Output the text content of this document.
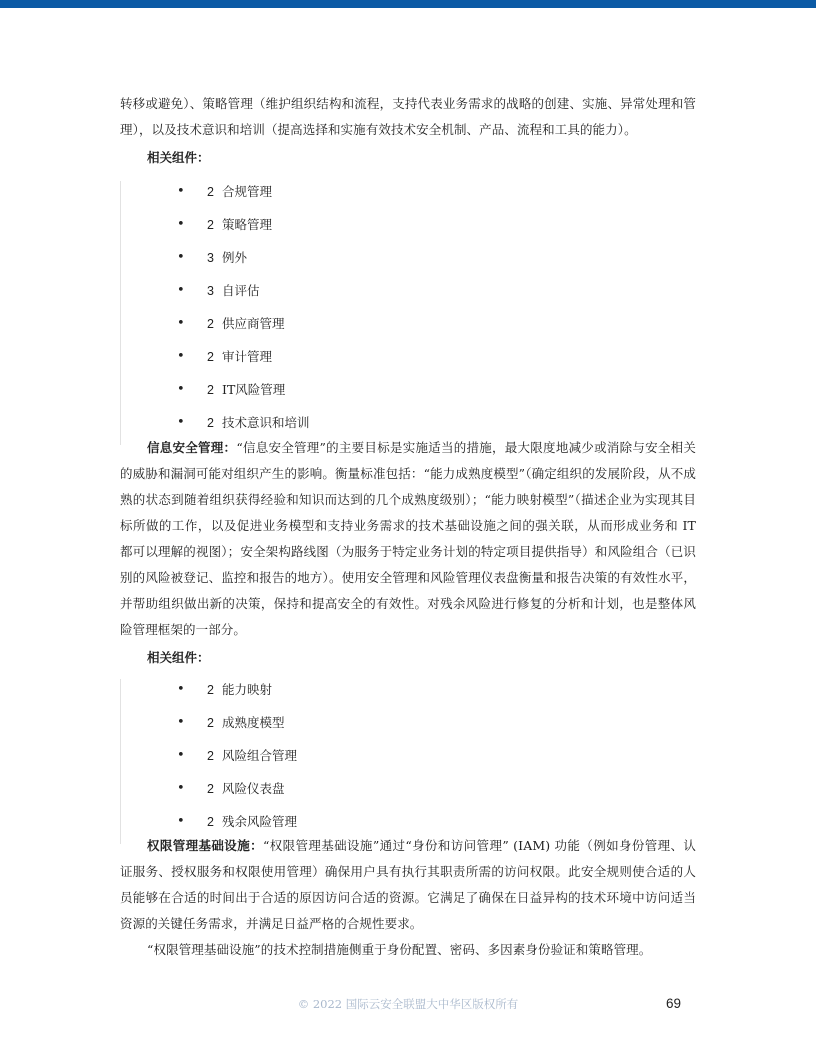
转移或避免）、策略管理（维护组织结构和流程，支持代表业务需求的战略的创建、实施、异常处理和管理），以及技术意识和培训（提高选择和实施有效技术安全机制、产品、流程和工具的能力）。

相关组件：

• 2 合规管理
• 2 策略管理
• 3 例外
• 3 自评估
• 2 供应商管理
• 2 审计管理
• 2 IT风险管理
• 2 技术意识和培训

信息安全管理：“信息安全管理”的主要目标是实施适当的措施，最大限度地减少或消除与安全相关的威胁和漏洞可能对组织产生的影响。衡量标准包括：“能力成熟度模型”（确定组织的发展阶段，从不成熟的状态到随着组织获得经验和知识而达到的几个成熟度级别）；“能力映射模型”（描述企业为实现其目标所做的工作，以及促进业务模型和支持业务需求的技术基础设施之间的强关联，从而形成业务和 IT 都可以理解的视图）；安全架构路线图（为服务于特定业务计划的特定项目提供指导）和风险组合（已识别的风险被登记、监控和报告的地方）。使用安全管理和风险管理仪表盘衡量和报告决策的有效性水平，并帮助组织做出新的决策，保持和提高安全的有效性。对残余风险进行修复的分析和计划，也是整体风险管理框架的一部分。

相关组件：

• 2 能力映射
• 2 成熟度模型
• 2 风险组合管理
• 2 风险仪表盘
• 2 残余风险管理

权限管理基础设施：“权限管理基础设施”通过“身份和访问管理” (IAM) 功能（例如身份管理、认证服务、授权服务和权限使用管理）确保用户具有执行其职责所需的访问权限。此安全规则使合适的人员能够在合适的时间出于合适的原因访问合适的资源。它满足了确保在日益异构的技术环境中访问适当资源的关键任务需求，并满足日益严格的合规性要求。

“权限管理基础设施”的技术控制措施侧重于身份配置、密码、多因素身份验证和策略管理。

© 2022 国际云安全联盟大中华区版权所有	69
